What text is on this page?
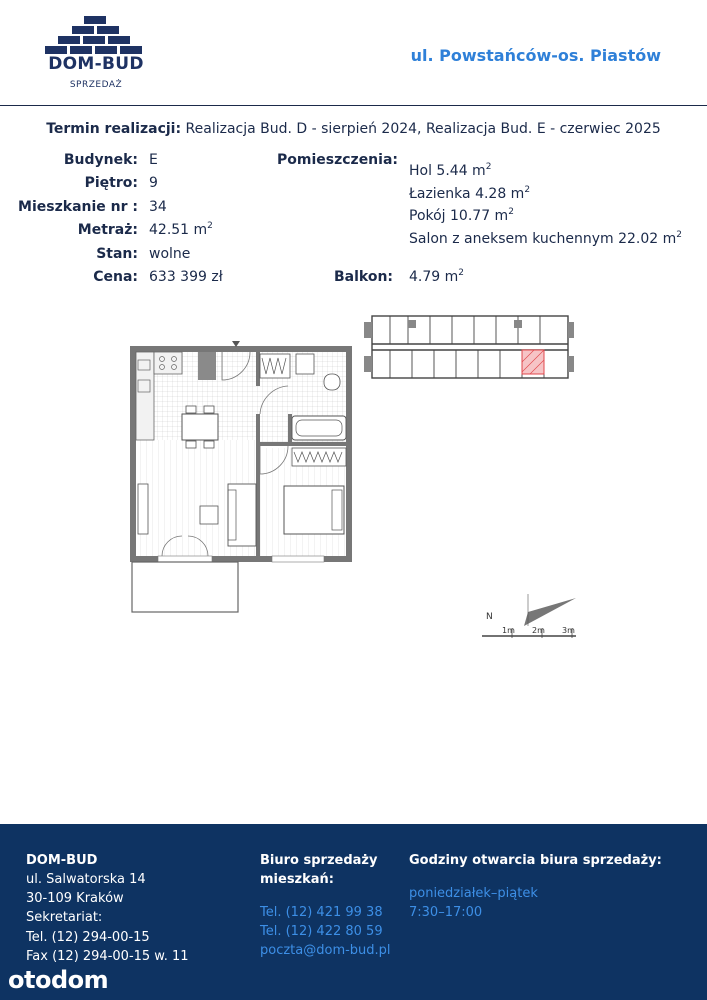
DOM-BUD
SPRZEDAŻ
ul. Powstańców-os. Piastów
Termin realizacji: Realizacja Bud. D - sierpień 2024, Realizacja Bud. E - czerwiec 2025
Budynek: E
Piętro: 9
Mieszkanie nr : 34
Metraż: 42.51 $m^2$
Stan: wolne
Cena: 633 399 zł
Pomieszczenia:
Hol 5.44 $m^2$
Łazienka 4.28 $m^2$
Pokój 10.77 $m^2$
Salon z aneksem kuchennym 22.02 $m^2$
Balkon: 4.79 $m^2$
N
1m 2m 3m
DOM-BUD
ul. Salwatorska 14
30-109 Kraków
Sekretariat:
Tel. (12) 294-00-15
Fax (12) 294-00-15 w. 11
Biuro sprzedaży
mieszkań:
Tel. (12) 421 99 38
Tel. (12) 422 80 59
poczta@dom-bud.pl
Godziny otwarcia biura sprzedaży:
poniedziałek–piątek
7:30–17:00
otodom
